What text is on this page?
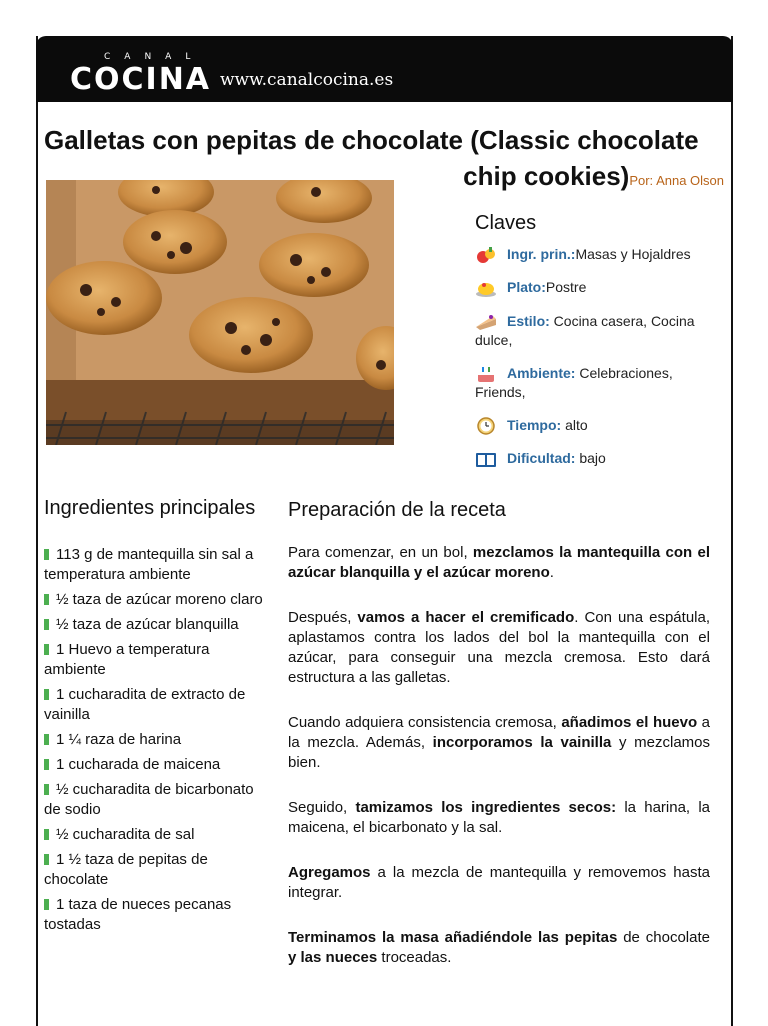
CANAL
COCINA www.canalcocina.es
Galletas con pepitas de chocolate (Classic chocolate
chip cookies)Por: Anna Olson
Claves
Ingr. prin.:Masas y Hojaldres
Plato:Postre
Estilo: Cocina casera, Cocina dulce,
Ambiente: Celebraciones, Friends,
Tiempo: alto
Dificultad: bajo
Ingredientes principales
113 g de mantequilla sin sal a temperatura ambiente
½ taza de azúcar moreno claro
½ taza de azúcar blanquilla
1 Huevo a temperatura ambiente
1 cucharadita de extracto de vainilla
1 ¼ raza de harina
1 cucharada de maicena
½ cucharadita de bicarbonato de sodio
½ cucharadita de sal
1 ½ taza de pepitas de chocolate
1 taza de nueces pecanas tostadas
Preparación de la receta

Para comenzar, en un bol, mezclamos la mantequilla con el azúcar blanquilla y el azúcar moreno.

Después, vamos a hacer el cremificado. Con una espátula, aplastamos contra los lados del bol la mantequilla con el azúcar, para conseguir una mezcla cremosa. Esto dará estructura a las galletas.

Cuando adquiera consistencia cremosa, añadimos el huevo a la mezcla. Además, incorporamos la vainilla y mezclamos bien.

Seguido, tamizamos los ingredientes secos: la harina, la maicena, el bicarbonato y la sal.

Agregamos a la mezcla de mantequilla y removemos hasta integrar.

Terminamos la masa añadiéndole las pepitas de chocolate y las nueces troceadas.
